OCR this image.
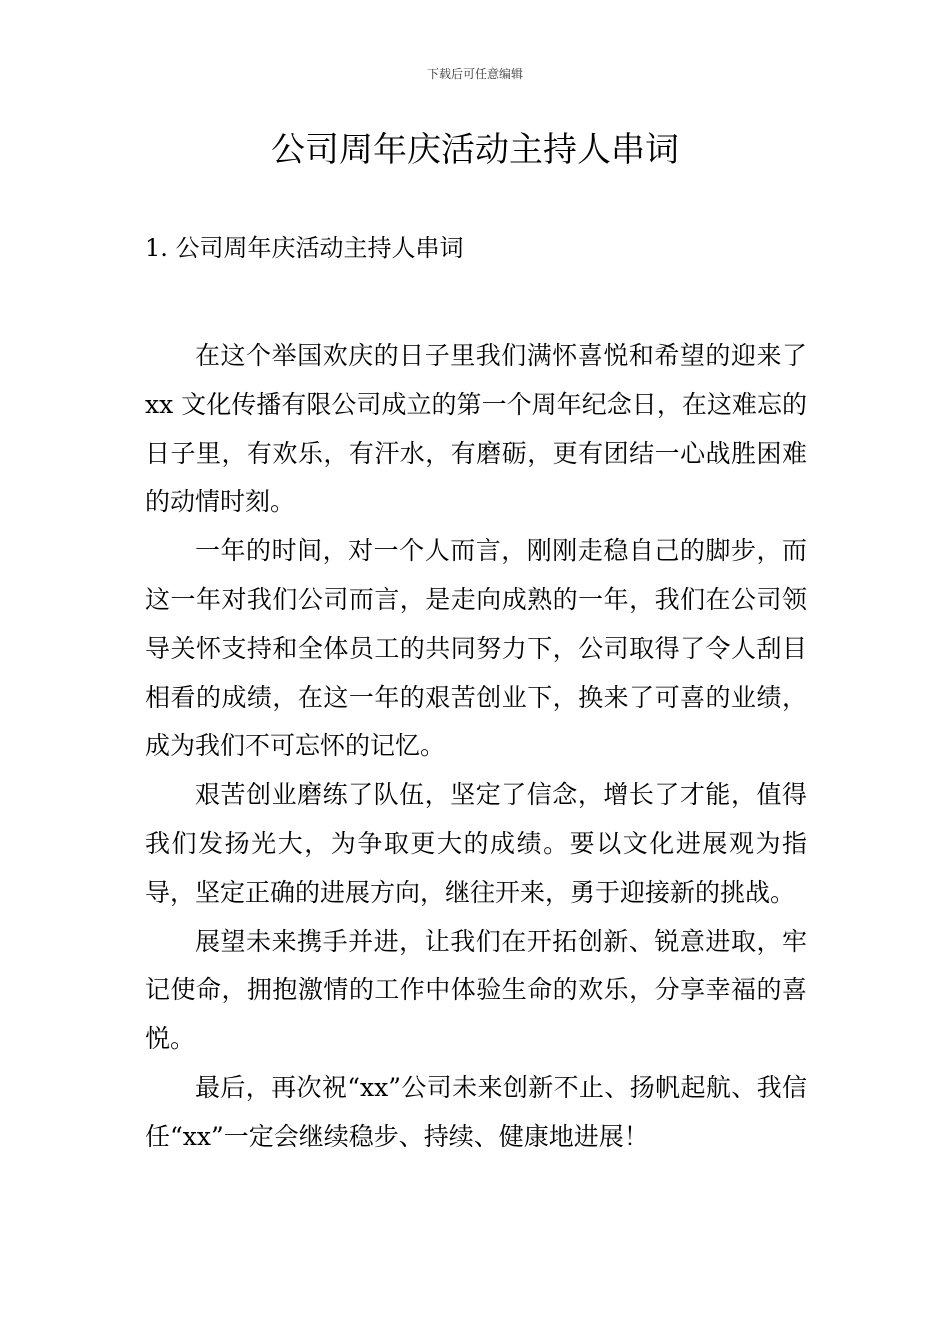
下载后可任意编辑
公司周年庆活动主持人串词
1. 公司周年庆活动主持人串词

在这个举国欢庆的日子里我们满怀喜悦和希望的迎来了 xx 文化传播有限公司成立的第一个周年纪念日，在这难忘的日子里，有欢乐，有汗水，有磨砺，更有团结一心战胜困难的动情时刻。

一年的时间，对一个人而言，刚刚走稳自己的脚步，而这一年对我们公司而言，是走向成熟的一年，我们在公司领导关怀支持和全体员工的共同努力下，公司取得了令人刮目相看的成绩，在这一年的艰苦创业下，换来了可喜的业绩，成为我们不可忘怀的记忆。

艰苦创业磨练了队伍，坚定了信念，增长了才能，值得我们发扬光大，为争取更大的成绩。要以文化进展观为指导，坚定正确的进展方向，继往开来，勇于迎接新的挑战。

展望未来携手并进，让我们在开拓创新、锐意进取，牢记使命，拥抱激情的工作中体验生命的欢乐，分享幸福的喜悦。

最后，再次祝“xx”公司未来创新不止、扬帆起航、我信任“xx”一定会继续稳步、持续、健康地进展！
